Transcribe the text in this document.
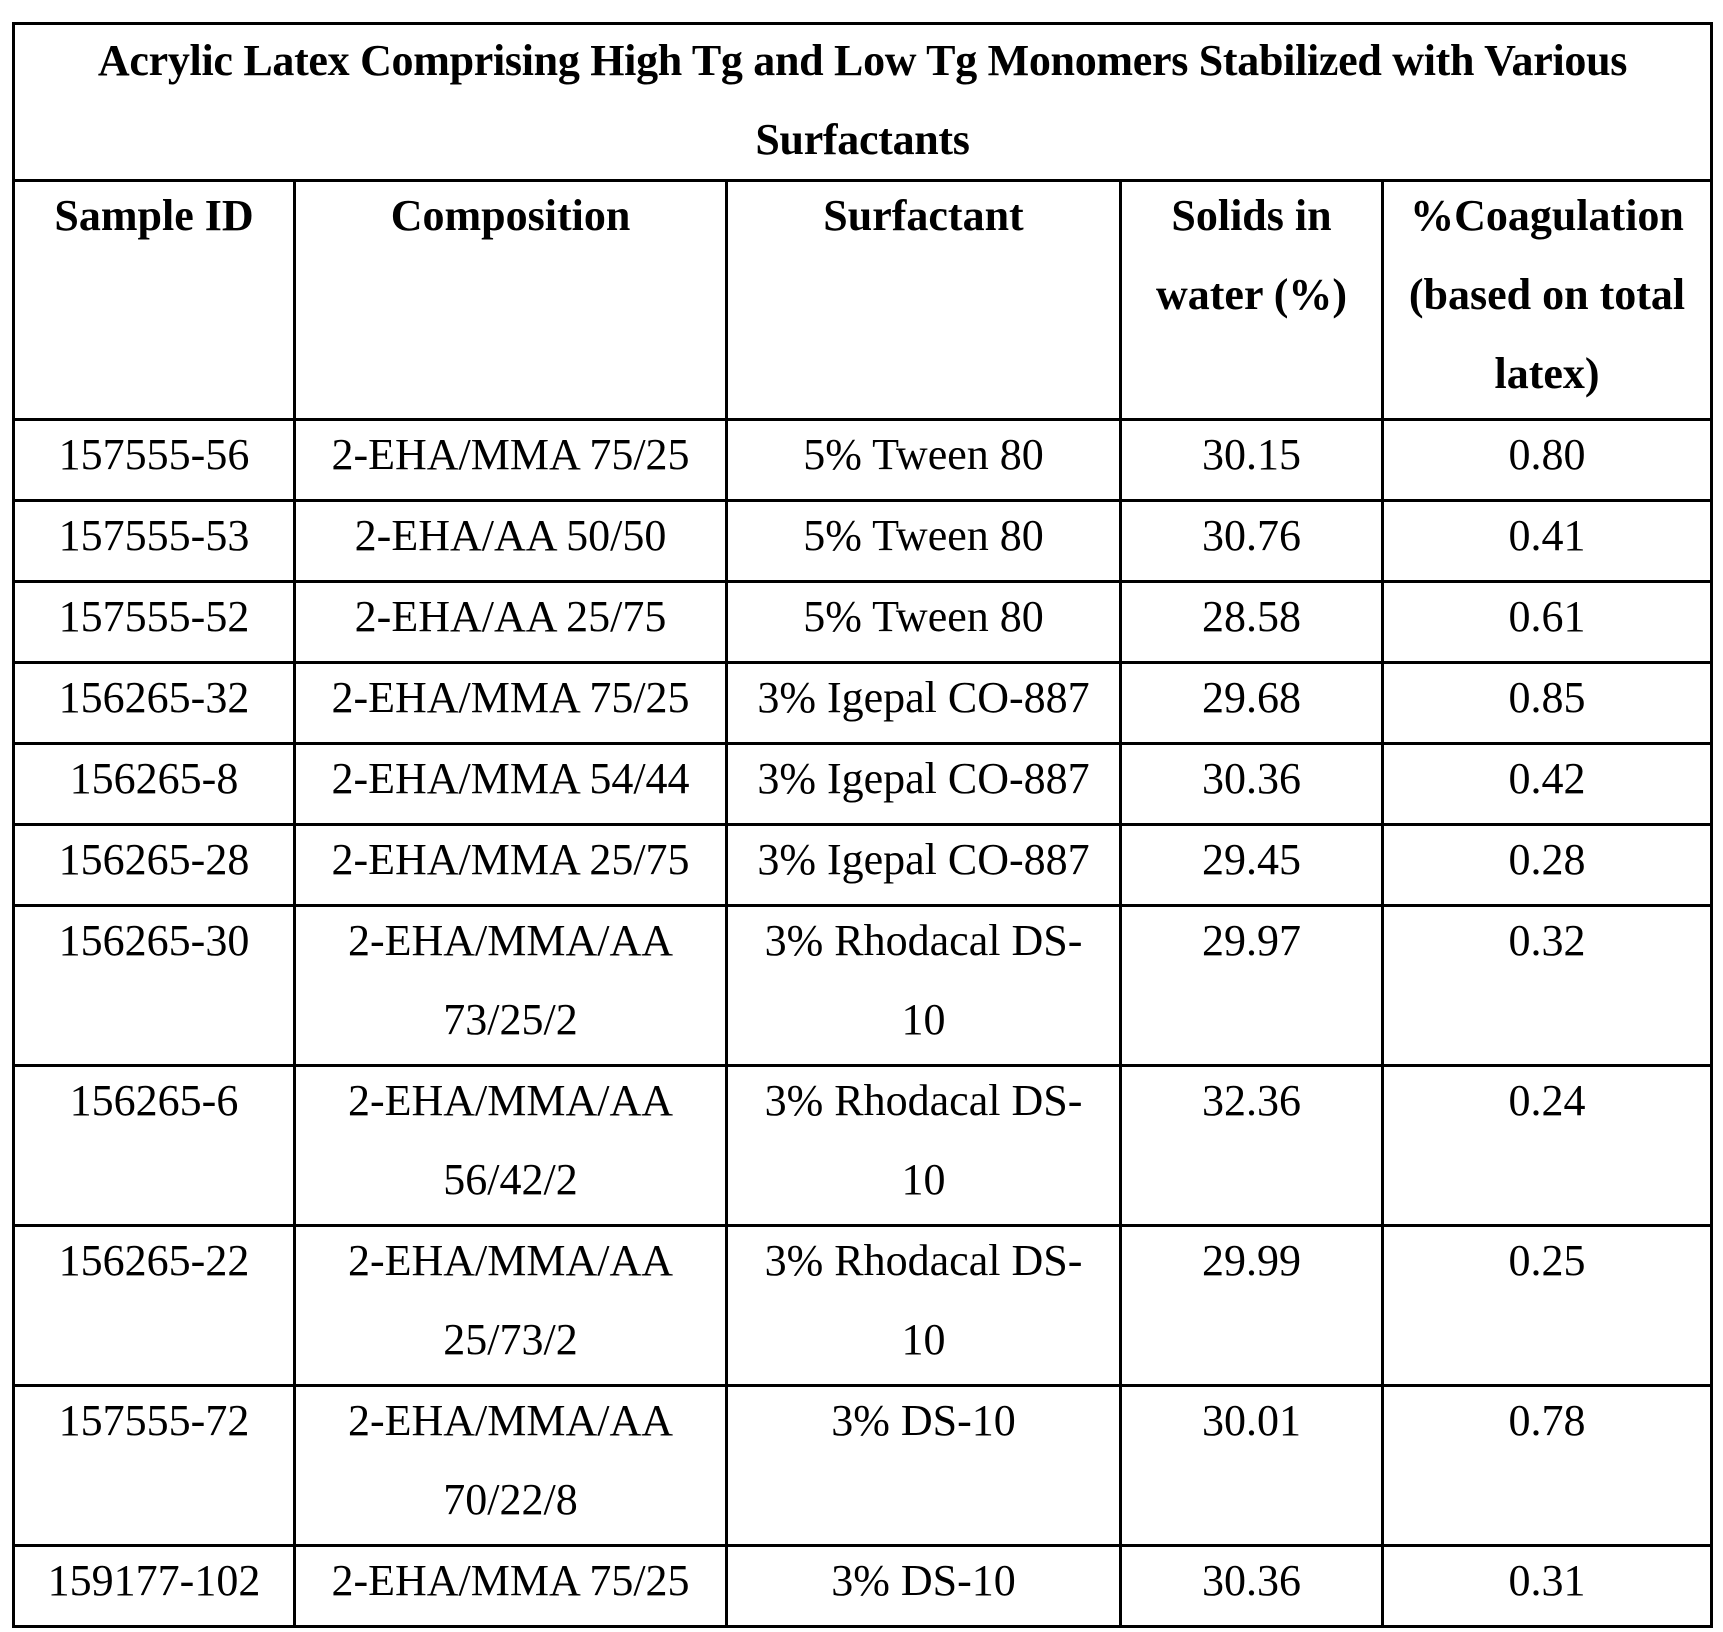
Acrylic Latex Comprising High Tg and Low Tg Monomers Stabilized with Various Surfactants				

Sample ID	Composition	Surfactant	Solids in water (%)	%Coagulation (based on total latex)

157555-56	2-EHA/MMA 75/25	5% Tween 80	30.15	0.80

157555-53	2-EHA/AA 50/50	5% Tween 80	30.76	0.41

157555-52	2-EHA/AA 25/75	5% Tween 80	28.58	0.61

156265-32	2-EHA/MMA 75/25	3% Igepal CO-887	29.68	0.85

156265-8	2-EHA/MMA 54/44	3% Igepal CO-887	30.36	0.42

156265-28	2-EHA/MMA 25/75	3% Igepal CO-887	29.45	0.28

156265-30	2-EHA/MMA/AA 73/25/2	3% Rhodacal DS-10	29.97	0.32

156265-6	2-EHA/MMA/AA 56/42/2	3% Rhodacal DS-10	32.36	0.24

156265-22	2-EHA/MMA/AA 25/73/2	3% Rhodacal DS-10	29.99	0.25

157555-72	2-EHA/MMA/AA 70/22/8	3% DS-10	30.01	0.78

159177-102	2-EHA/MMA 75/25	3% DS-10	30.36	0.31
